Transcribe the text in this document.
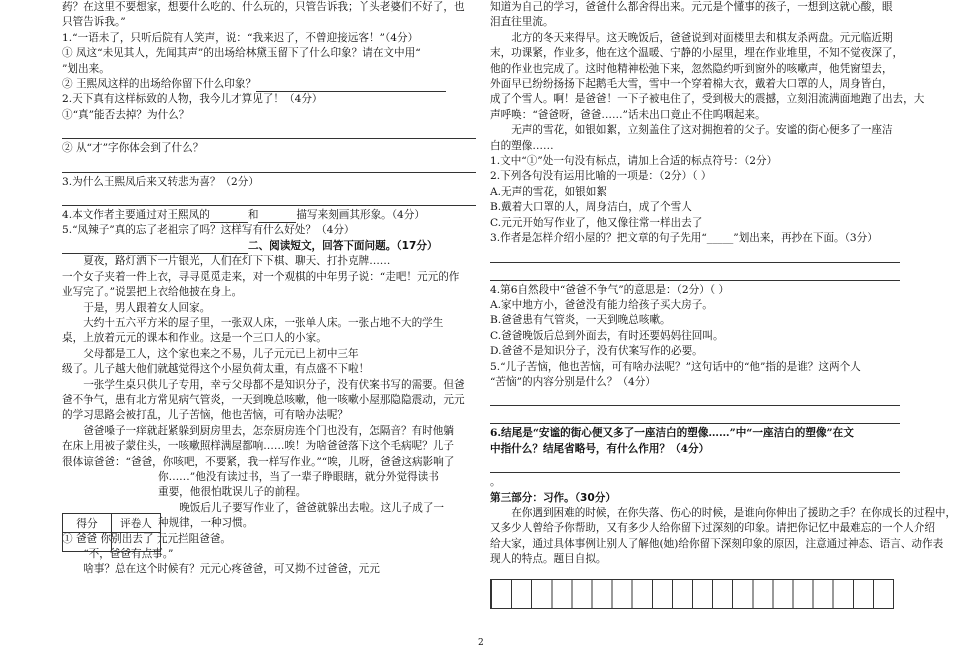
药？在这里不要想家，想要什么吃的、什么玩的，只管告诉我；丫头老婆们不好了，也
只管告诉我。”
1.“一语未了，只听后院有人笑声，说：“我来迟了，不曾迎接远客！”（4分）
① 凤这“未见其人，先闻其声”的出场给林黛玉留下了什么印象？请在文中用“
”划出来。
② 王熙凤这样的出场给你留下什么印象？
2.天下真有这样标致的人物，我今儿才算见了！（4分）
①“真”能否去掉？为什么？
② 从“才”字你体会到了什么？
3.为什么王熙凤后来又转悲为喜？（2分）
4.本文作者主要通过对王熙凤的	和	描写来刻画其形象。（4分）
5.“凤辣子”真的忘了老祖宗了吗？这样写有什么好处？（4分）
二、阅读短文，回答下面问题。（17分）
夏夜，路灯洒下一片银光，人们在灯下下棋、聊天、打扑克牌……
一个女子夹着一件上衣，寻寻觅觅走来，对一个观棋的中年男子说：“走吧！元元的作
业写完了。”说罢把上衣给他披在身上。
于是，男人跟着女人回家。
大约十五六平方米的屋子里，一张双人床，一张单人床。一张占地不大的学生
桌，上放着元元的课本和作业。这是一个三口人的小家。
父母都是工人，这个家也来之不易，儿子元元已上初中三年
级了。儿子越大他们就越觉得这个小屋负荷太重，有点盛不下啦！
一张学生桌只供儿子专用，幸亏父母都不是知识分子，没有伏案书写的需要。但爸
爸不争气，患有北方常见病气管炎，一天到晚总咳嗽，他一咳嗽小屋那隐隐震动，元元
的学习思路会被打乱，儿子苦恼，他也苦恼，可有啥办法呢？
爸爸嗓子一痒就赶紧躲到厨房里去，怎奈厨房连个门也没有，怎隔音？有时他躺
在床上用被子蒙住头，一咳嗽照样满屋都响……唉！为啥爸爸落下这个毛病呢？儿子
很体谅爸爸：“爸爸，你咳吧，不要紧，我一样写作业。”“唉，儿呀，爸爸这病影响了
你……”他没有读过书，当了一辈子睁眼瞎，就分外觉得读书
重要，他很怕耽误儿子的前程。
晚饭后儿子要写作业了，爸爸就躲出去啦。这儿子成了一
种规律，一种习惯。
① 爸爸 你别出去了 元元拦阻爸爸。
“不，爸爸有点事。”
啥事？总在这个时候有？元元心疼爸爸，可又拗不过爸爸，元元
得分	评卷人

知道为自己的学习，爸爸什么都舍得出来。元元是个懂事的孩子，一想到这就心酸，眼
泪直往里流。
北方的冬天来得早。这天晚饭后，爸爸说到对面楼里去和棋友杀两盘。元元临近期
末，功课紧，作业多，他在这个温暖、宁静的小屋里，埋在作业堆里，不知不觉夜深了，
他的作业也完成了。这时他精神松弛下来，忽然隐约听到窗外的咳嗽声，他凭窗望去，
外面早已纷纷扬扬下起鹅毛大雪，雪中一个穿着棉大衣，戴着大口罩的人，周身皆白，
成了个雪人。啊！是爸爸！一下子被电住了，受到极大的震撼，立刻泪流满面地跑了出去，大
声呼唤：“爸爸呀，爸爸……”话未出口竟止不住呜咽起来。
无声的雪花，如银如絮，立刻盖住了这对拥抱着的父子。安谧的街心便多了一座洁
白的塑像……
1.文中“①”处一句没有标点，请加上合适的标点符号：（2分）
2.下列各句没有运用比喻的一项是：（2分）（ ）
A.无声的雪花，如银如絮
B.戴着大口罩的人，周身洁白，成了个雪人
C.元元开始写作业了，他又像往常一样出去了
3.作者是怎样介绍小屋的？把文章的句子先用“_____”划出来，再抄在下面。（3分）
4.第6自然段中“爸爸不争气”的意思是：（2分）（ ）
A.家中地方小，爸爸没有能力给孩子买大房子。
B.爸爸患有气管炎，一天到晚总咳嗽。
C.爸爸晚饭后总到外面去，有时还要妈妈往回叫。
D.爸爸不是知识分子，没有伏案写作的必要。
5.“儿子苦恼，他也苦恼，可有啥办法呢？”这句话中的“他”指的是谁？这两个人
“苦恼”的内容分别是什么？（4分）
6.结尾是“安谧的街心便又多了一座洁白的塑像……”中“一座洁白的塑像”在文
中指什么？结尾省略号，有什么作用？（4分）
。
第三部分：习作。（30分）
在你遇到困难的时候，在你失落、伤心的时候，是谁向你伸出了援助之手？在你成长的过程中，
又多少人曾给予你帮助，又有多少人给你留下过深刻的印象。请把你记忆中最难忘的一个人介绍
给大家，通过具体事例让别人了解他(她)给你留下深刻印象的原因，注意通过神态、语言、动作表
现人的特点。题目自拟。
2
